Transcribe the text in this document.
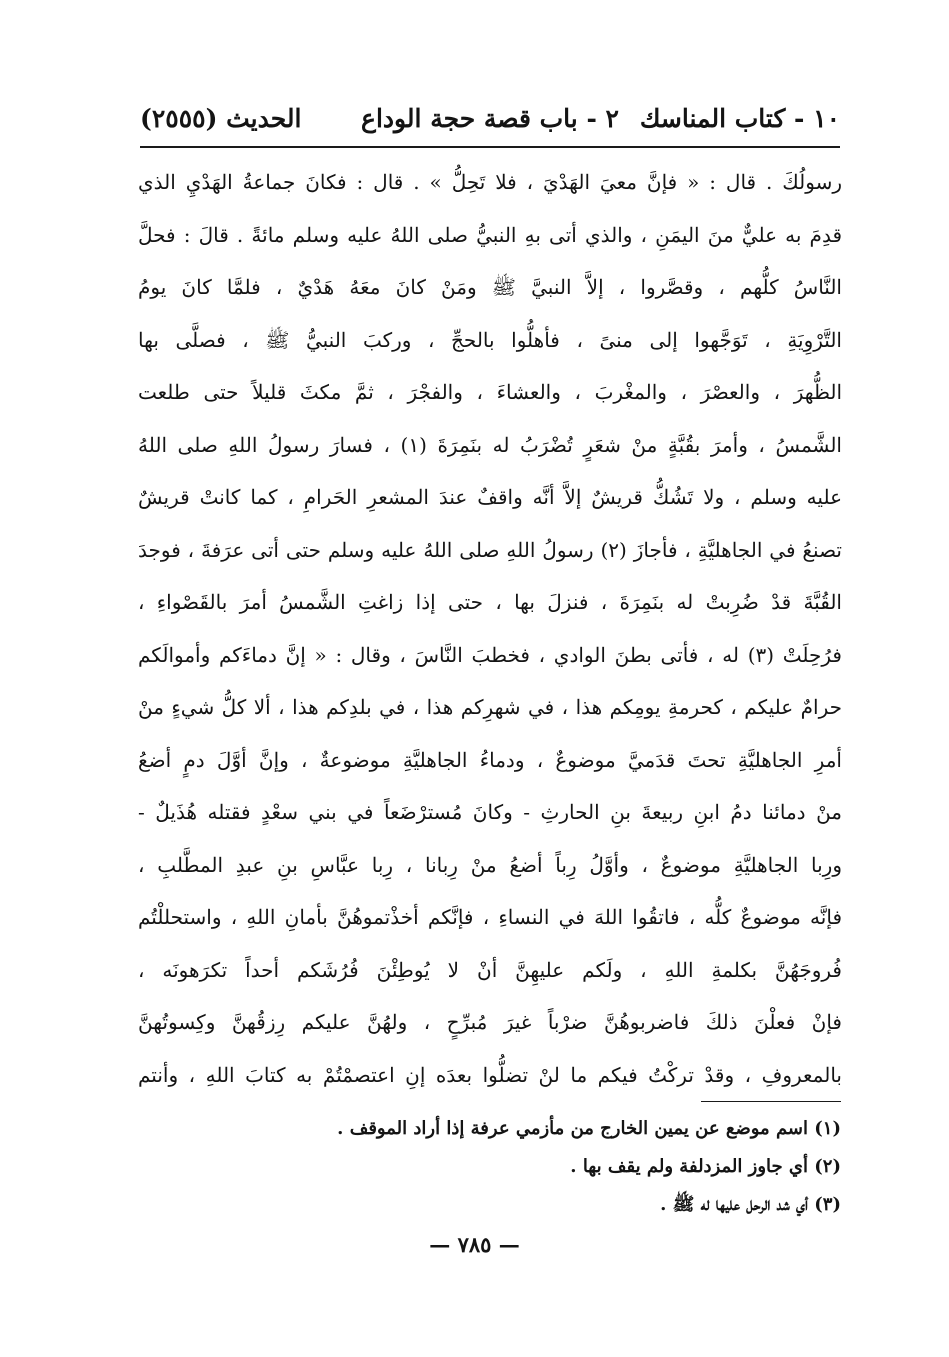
١٠ - كتاب المناسك
٢ - باب قصة حجة الوداع
الحديث (٢٥٥٥)
رسولُكَ . قال : « فإنَّ معيَ الهَدْيَ ، فلا تَحِلُّ » . قال : فكانَ جماعةُ الهَدْيِ الذي
قدِمَ به عليٌّ منَ اليمَنِ ، والذي أتى بهِ النبيُّ صلى اللهُ عليه وسلم مائةً . قالَ : فحلَّ
النَّاسُ كلُّهم ، وقصَّروا ، إلاَّ النبيَّ ﷺ ومَنْ كانَ معَهُ هَدْيٌ ، فلمَّا كانَ يومُ
التَّرْوِيَةِ ، تَوَجَّهوا إلى منىً ، فأهلُّوا بالحجِّ ، وركبَ النبيُّ ﷺ ، فصلَّى بها
الظُّهرَ ، والعصْرَ ، والمغْربَ ، والعشاءَ ، والفجْرَ ، ثمَّ مكثَ قليلاً حتى طلعت
الشَّمسُ ، وأمرَ بقُبَّةٍ منْ شعَرٍ تُضْرَبُ له بنَمِرَةَ (١) ، فسارَ رسولُ اللهِ صلى اللهُ
عليه وسلم ، ولا تَشُكُّ قريشٌ إلاَّ أنَّه واقفٌ عندَ المشعرِ الحَرامِ ، كما كانتْ قريشٌ
تصنعُ في الجاهليَّةِ ، فأجازَ (٢) رسولُ اللهِ صلى اللهُ عليه وسلم حتى أتى عرَفةَ ، فوجدَ
القُبَّةَ قدْ ضُرِبتْ له بنَمِرَةَ ، فنزلَ بها ، حتى إذا زاغتِ الشَّمسُ أمرَ بالقَصْواءِ ،
فرُحِلَتْ (٣) له ، فأتى بطنَ الوادي ، فخطبَ النَّاسَ ، وقال : « إنَّ دماءَكم وأموالَكم
حرامٌ عليكم ، كحرمةِ يومِكم هذا ، في شهرِكم هذا ، في بلدِكم هذا ، ألا كلُّ شيءٍ منْ
أمرِ الجاهليَّةِ تحتَ قدَميَّ موضوعٌ ، ودماءُ الجاهليَّةِ موضوعةٌ ، وإنَّ أوَّلَ دمٍ أضعُ
منْ دمائنا دمُ ابنِ ربيعةَ بنِ الحارثِ - وكانَ مُسترْضَعاً في بني سعْدٍ فقتله هُذَيلٌ -
ورِبا الجاهليَّةِ موضوعٌ ، وأوَّلُ رِباً أضعُ منْ رِبانا ، رِبا عبَّاسِ بنِ عبدِ المطَّلبِ ،
فإنَّه موضوعٌ كلُّه ، فاتقُوا اللهَ في النساءِ ، فإنَّكم أخذْتموهُنَّ بأمانِ اللهِ ، واستحللْتُم
فُروجَهُنَّ بكلمةِ اللهِ ، ولَكم عليهِنَّ أنْ لا يُوطِئْنَ فُرُشَكم أحداً تكرَهونَه ،
فإنْ فعلْنَ ذلكَ فاضربوهُنَّ ضرْباً غيرَ مُبرِّحٍ ، ولهُنَّ عليكم رِزقُهنَّ وكِسوتُهنَّ
بالمعروفِ ، وقدْ تركْتُ فيكم ما لنْ تضلُّوا بعدَه إنِ اعتصمْتُمْ به كتابَ اللهِ ، وأنتم
(١) اسم موضع عن يمين الخارج من مأزمي عرفة إذا أراد الموقف .
(٢) أي جاوز المزدلفة ولم يقف بها .
(٣) أي شد الرحل عليها له ﷺ .
— ٧٨٥ —
